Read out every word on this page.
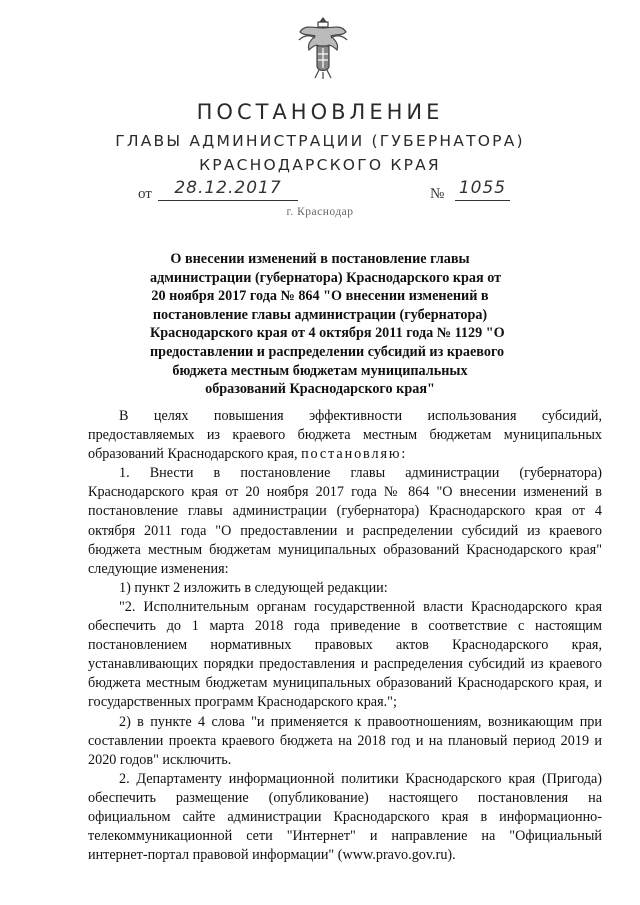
ПОСТАНОВЛЕНИЕ
ГЛАВЫ АДМИНИСТРАЦИИ (ГУБЕРНАТОРА)
КРАСНОДАРСКОГО КРАЯ
от	28.12.2017	№ 1055
г. Краснодар
О внесении изменений в постановление главы
администрации (губернатора) Краснодарского края от
20 ноября 2017 года № 864 "О внесении изменений в
постановление главы администрации (губернатора)
Краснодарского края от 4 октября 2011 года № 1129 "О
предоставлении и распределении субсидий из краевого
бюджета местным бюджетам муниципальных
образований Краснодарского края"

В целях повышения эффективности использования субсидий, предоставляемых из краевого бюджета местным бюджетам муниципальных образований Краснодарского края, постановляю:

1. Внести в постановление главы администрации (губернатора) Краснодарского края от 20 ноября 2017 года № 864 "О внесении изменений в постановление главы администрации (губернатора) Краснодарского края от 4 октября 2011 года "О предоставлении и распределении субсидий из краевого бюджета местным бюджетам муниципальных образований Краснодарского края" следующие изменения:

1) пункт 2 изложить в следующей редакции:

"2. Исполнительным органам государственной власти Краснодарского края обеспечить до 1 марта 2018 года приведение в соответствие с настоящим постановлением нормативных правовых актов Краснодарского края, устанавливающих порядки предоставления и распределения субсидий из краевого бюджета местным бюджетам муниципальных образований Краснодарского края, и государственных программ Краснодарского края.";

2) в пункте 4 слова "и применяется к правоотношениям, возникающим при составлении проекта краевого бюджета на 2018 год и на плановый период 2019 и 2020 годов" исключить.

2. Департаменту информационной политики Краснодарского края (Пригода) обеспечить размещение (опубликование) настоящего постановления на официальном сайте администрации Краснодарского края в информационно-телекоммуникационной сети "Интернет" и направление на "Официальный интернет-портал правовой информации" (www.pravo.gov.ru).
